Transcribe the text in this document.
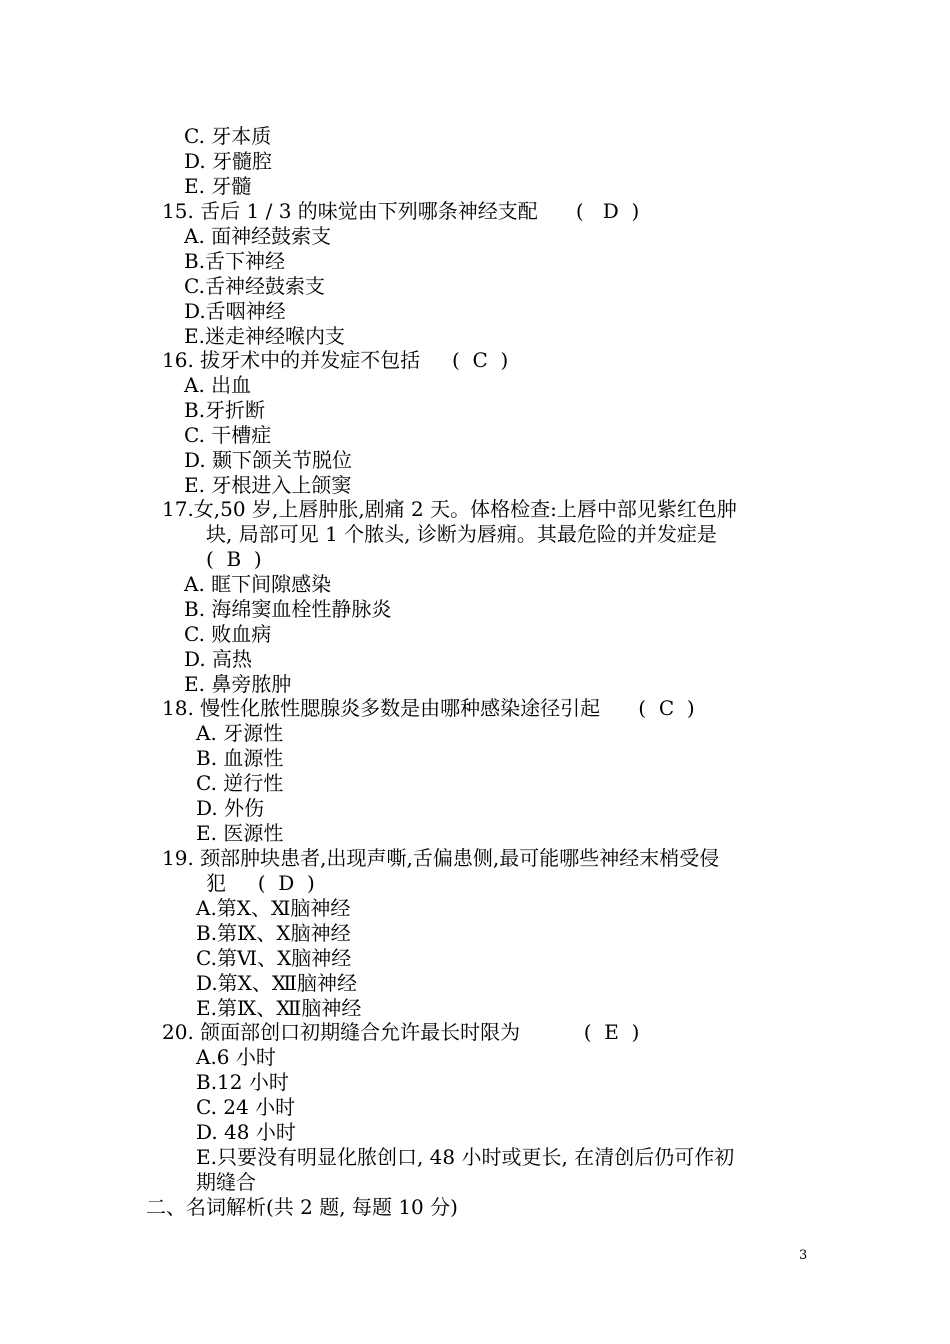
C. 牙本质
D. 牙髓腔
E. 牙髓
15. 舌后 1 / 3 的味觉由下列哪条神经支配      (   D  )
A. 面神经鼓索支
B.舌下神经
C.舌神经鼓索支
D.舌咽神经
E.迷走神经喉内支
16. 拔牙术中的并发症不包括     (  C  )
A. 出血
B.牙折断
C. 干槽症
D. 颞下颌关节脱位
E. 牙根进入上颌窦
17.女,50 岁,上唇肿胀,剧痛 2 天。体格检查:上唇中部见紫红色肿
块, 局部可见 1 个脓头, 诊断为唇痈。其最危险的并发症是
(  B  )
A. 眶下间隙感染
B. 海绵窦血栓性静脉炎
C. 败血病
D. 高热
E. 鼻旁脓肿
18. 慢性化脓性腮腺炎多数是由哪种感染途径引起      (  C  )
A. 牙源性
B. 血源性
C. 逆行性
D. 外伤
E. 医源性
19. 颈部肿块患者,出现声嘶,舌偏患侧,最可能哪些神经末梢受侵
犯     (  D  )
A.第Ⅹ、Ⅺ脑神经
B.第Ⅸ、Ⅹ脑神经
C.第Ⅵ、Ⅹ脑神经
D.第Ⅹ、Ⅻ脑神经
E.第Ⅸ、Ⅻ脑神经
20. 颌面部创口初期缝合允许最长时限为          (  E  )
A.6 小时
B.12 小时
C. 24 小时
D. 48 小时
E.只要没有明显化脓创口, 48 小时或更长, 在清创后仍可作初
期缝合
二、名词解析(共 2 题, 每题 10 分)
3
